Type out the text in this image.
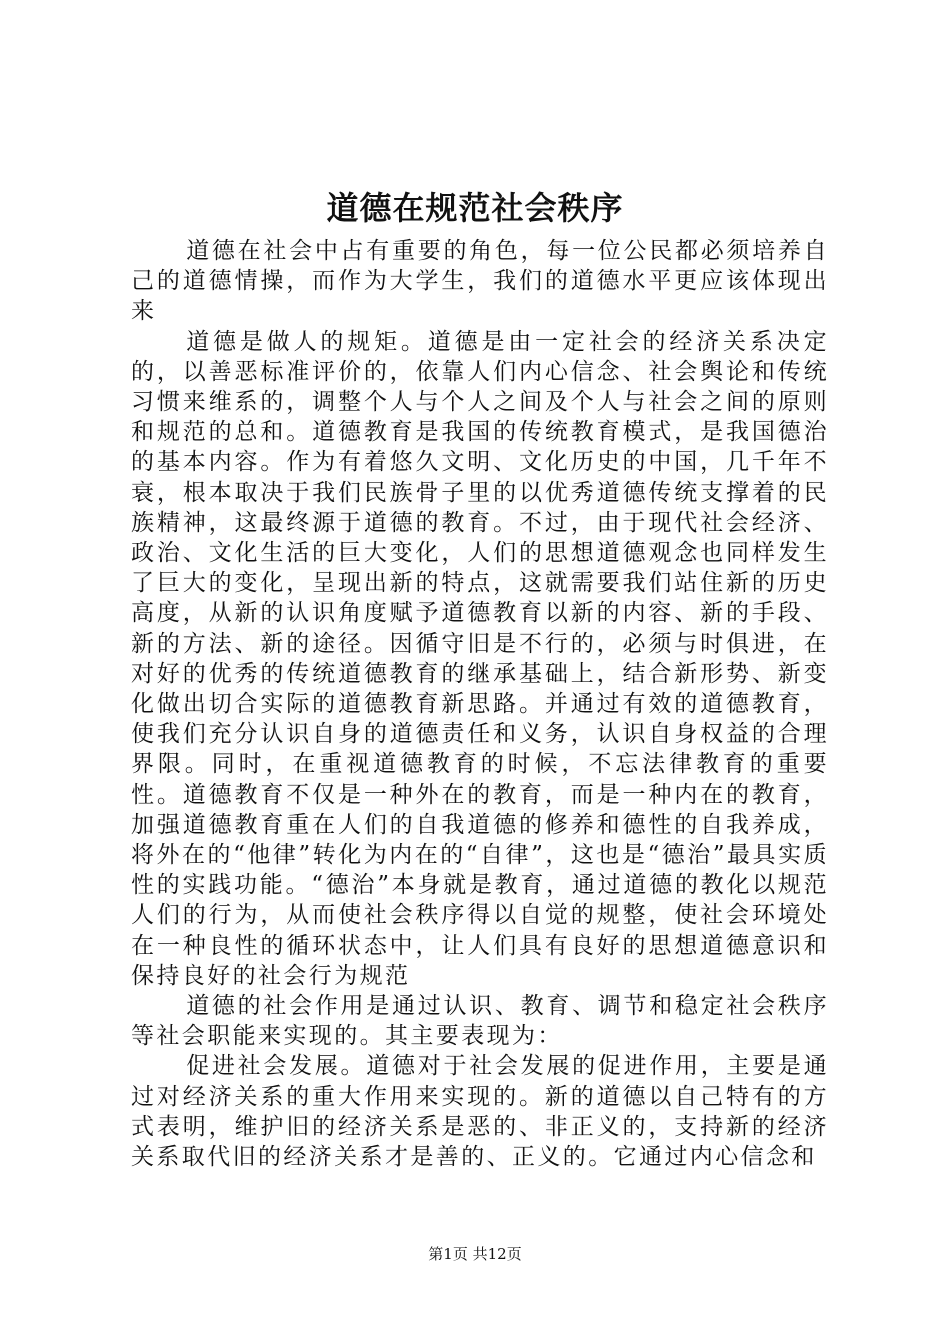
道德在规范社会秩序

道德在社会中占有重要的角色，每一位公民都必须培养自己的道德情操，而作为大学生，我们的道德水平更应该体现出来

道德是做人的规矩。道德是由一定社会的经济关系决定的，以善恶标准评价的，依靠人们内心信念、社会舆论和传统习惯来维系的，调整个人与个人之间及个人与社会之间的原则和规范的总和。道德教育是我国的传统教育模式，是我国德治的基本内容。作为有着悠久文明、文化历史的中国，几千年不衰，根本取决于我们民族骨子里的以优秀道德传统支撑着的民族精神，这最终源于道德的教育。不过，由于现代社会经济、政治、文化生活的巨大变化，人们的思想道德观念也同样发生了巨大的变化，呈现出新的特点，这就需要我们站住新的历史高度，从新的认识角度赋予道德教育以新的内容、新的手段、新的方法、新的途径。因循守旧是不行的，必须与时俱进，在对好的优秀的传统道德教育的继承基础上，结合新形势、新变化做出切合实际的道德教育新思路。并通过有效的道德教育，使我们充分认识自身的道德责任和义务，认识自身权益的合理界限。同时，在重视道德教育的时候，不忘法律教育的重要性。道德教育不仅是一种外在的教育，而是一种内在的教育，加强道德教育重在人们的自我道德的修养和德性的自我养成，将外在的“他律”转化为内在的“自律”，这也是“德治”最具实质性的实践功能。“德治”本身就是教育，通过道德的教化以规范人们的行为，从而使社会秩序得以自觉的规整，使社会环境处在一种良性的循环状态中，让人们具有良好的思想道德意识和保持良好的社会行为规范

道德的社会作用是通过认识、教育、调节和稳定社会秩序等社会职能来实现的。其主要表现为：

促进社会发展。道德对于社会发展的促进作用，主要是通过对经济关系的重大作用来实现的。新的道德以自己特有的方式表明，维护旧的经济关系是恶的、非正义的，支持新的经济关系取代旧的经济关系才是善的、正义的。它通过内心信念和

第1页 共12页
